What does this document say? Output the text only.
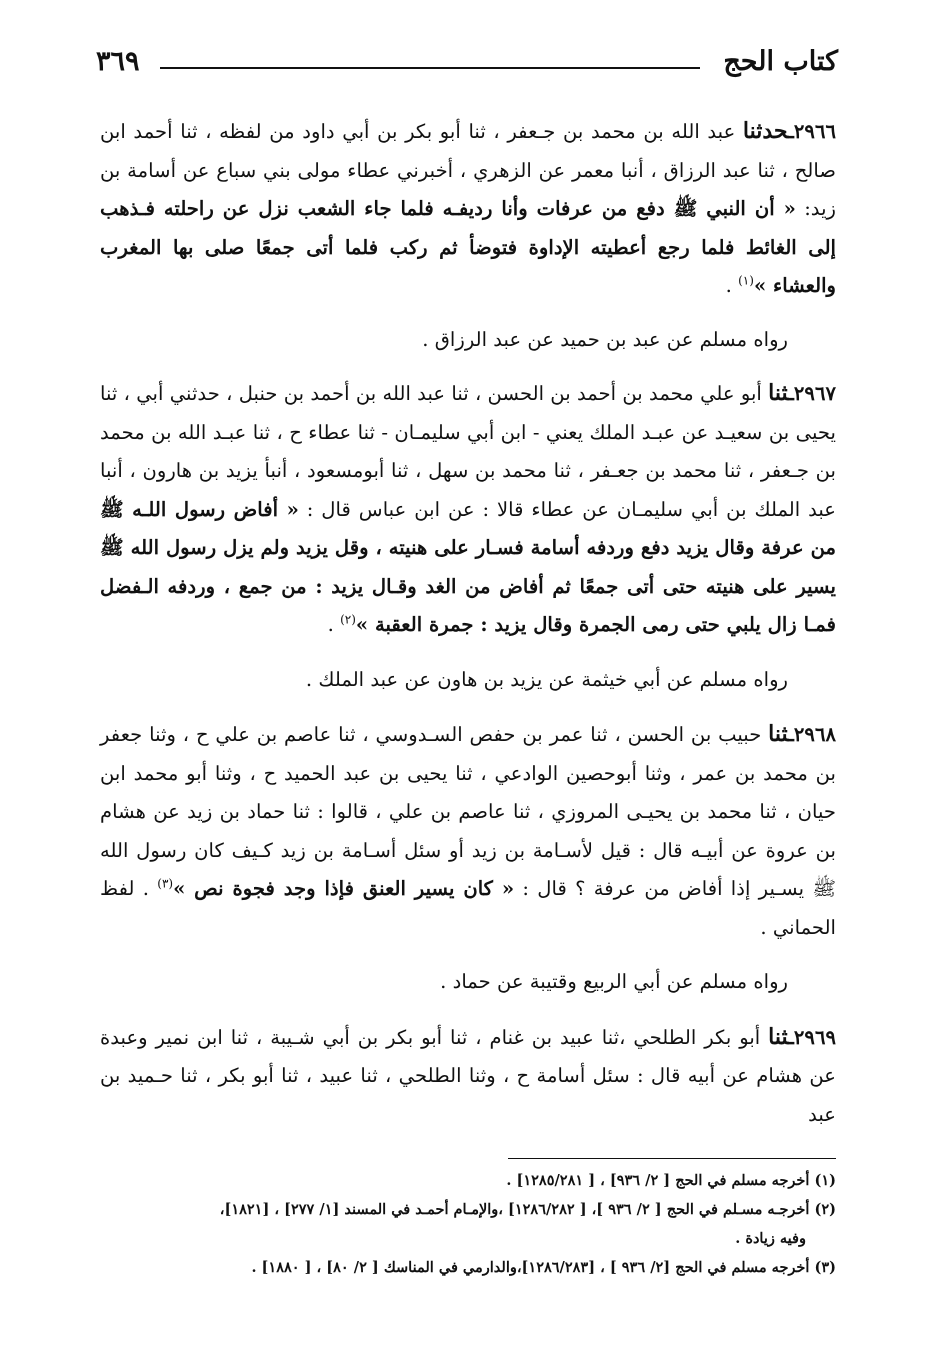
كتاب الحج
٣٦٩

٢٩٦٦ـحدثنا عبد الله بن محمد بن جـعفر ، ثنا أبو بكر بن أبي داود من لفظه ، ثنا أحمد ابن صالح ، ثنا عبد الرزاق ، أنبا معمر عن الزهري ، أخبرني عطاء مولى بني سباع عن أسامة بن زيد: « أن النبي ﷺ دفع من عرفات وأنا رديفـه فلما جاء الشعب نزل عن راحلته فـذهب إلى الغائط فلما رجع أعطيته الإداوة فتوضأ ثم ركب فلما أتى جمعًا صلى بها المغرب والعشاء »$^{(١)}$ .

رواه مسلم عن عبد بن حميد عن عبد الرزاق .

٢٩٦٧ـثنا أبو علي محمد بن أحمد بن الحسن ، ثنا عبد الله بن أحمد بن حنبل ، حدثني أبي ، ثنا يحيى بن سعيـد عن عبـد الملك يعني - ابن أبي سليمـان - ثنا عطاء ح ، ثنا عبـد الله بن محمد بن جـعفر ، ثنا محمد بن جعـفر ، ثنا محمد بن سهل ، ثنا أبومسعود ، أنبأ يزيد بن هارون ، أنبا عبد الملك بن أبي سليمـان عن عطاء قالا : عن ابن عباس قال : « أفاض رسول اللـه ﷺ من عرفة وقال يزيد دفع وردفه أسامة فسـار على هنيته ، وقل يزيد ولم يزل رسول الله ﷺ يسير على هنيته حتى أتى جمعًا ثم أفاض من الغد وقـال يزيد : من جمع ، وردفه الـفضل فمـا زال يلبي حتى رمى الجمرة وقال يزيد : جمرة العقبة »$^{(٢)}$ .

رواه مسلم عن أبي خيثمة عن يزيد بن هاون عن عبد الملك .

٢٩٦٨ـثنا حبيب بن الحسن ، ثنا عمر بن حفص السـدوسي ، ثنا عاصم بن علي ح ، وثنا جعفر بن محمد بن عمر ، وثنا أبوحصين الوادعي ، ثنا يحيى بن عبد الحميد ح ، وثنا أبو محمد ابن حيان ، ثنا محمد بن يحيـى المروزي ، ثنا عاصم بن علي ، قالوا : ثنا حماد بن زيد عن هشام بن عروة عن أبيـه قال : قيل لأسـامة بن زيد أو سئل أسـامة بن زيد كـيف كان رسول الله ﷺ يسـير إذا أفاض من عرفة ؟ قال : « كان يسير العنق فإذا وجد فجوة نص »$^{(٣)}$ . لفظ الحماني .

رواه مسلم عن أبي الربيع وقتيبة عن حماد .

٢٩٦٩ـثنا أبو بكر الطلحي ،ثنا عبيد بن غنام ، ثنا أبو بكر بن أبي شـيبة ، ثنا ابن نمير وعبدة عن هشام عن أبيه قال : سئل أسامة ح ، وثنا الطلحي ، ثنا عبيد ، ثنا أبو بكر ، ثنا حـميد بن عبد

(١) أخرجه مسلم في الحج [ ٢/ ٩٣٦] ، [ ١٢٨٥/٢٨١] .

(٢) أخرجـه مسـلم في الحج [ ٢/ ٩٣٦ ]، [ ١٢٨٦/٢٨٢] ،والإمـام أحمـد في المسند [١/ ٢٧٧] ، [١٨٢١]،

وفيه زيادة .

(٣) أخرجه مسلم في الحج [٢/ ٩٣٦ ] ، [١٢٨٦/٢٨٣]،والدارمي في المناسك [ ٢/ ٨٠] ، [ ١٨٨٠] .
